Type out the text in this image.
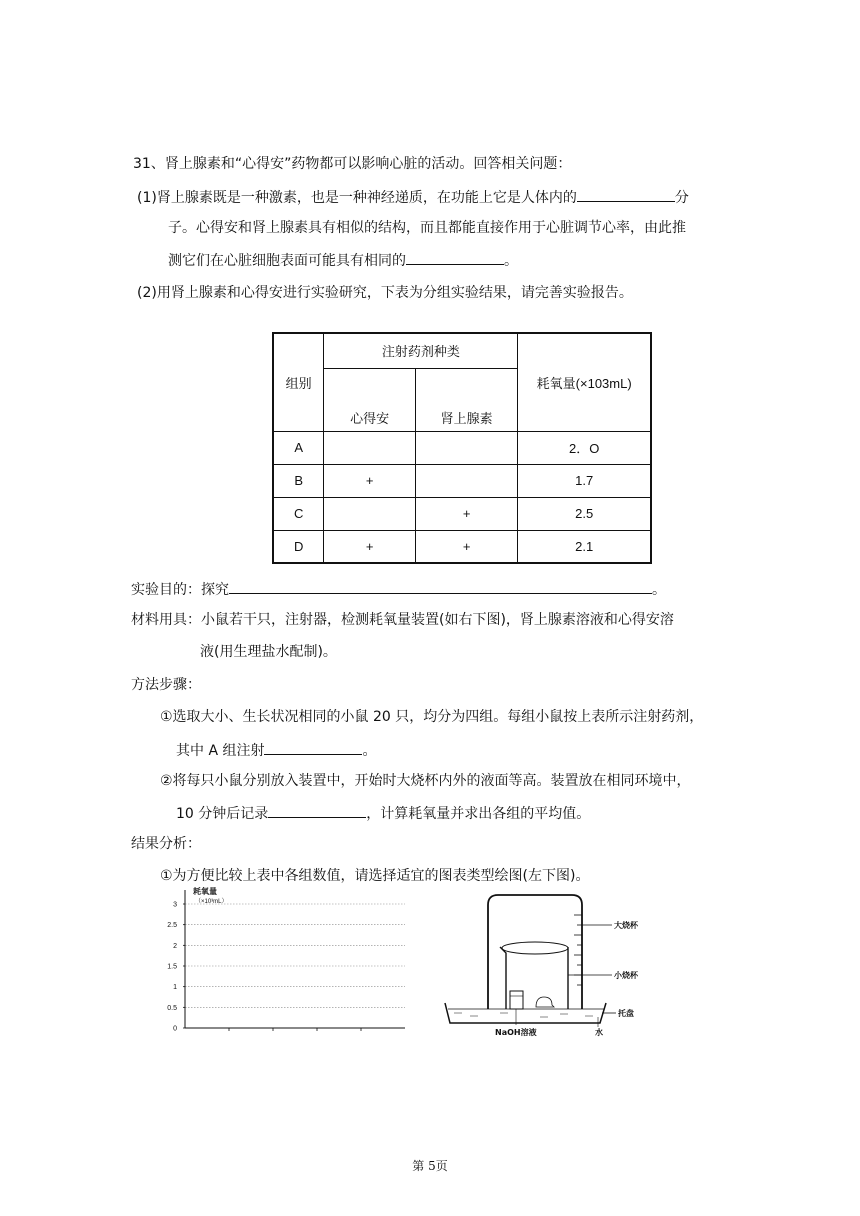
31、肾上腺素和“心得安”药物都可以影响心脏的活动。回答相关问题：
(1)肾上腺素既是一种激素，也是一种神经递质，在功能上它是人体内的	分
子。心得安和肾上腺素具有相似的结构，而且都能直接作用于心脏调节心率，由此推
测它们在心脏细胞表面可能具有相同的	。
(2)用肾上腺素和心得安进行实验研究，下表为分组实验结果，请完善实验报告。
组别	注射药剂种类		耗氧量(×103mL)
	心得安	肾上腺素	
A			2．O
B	+		1.7
C		+	2.5
D	+	+	2.1
实验目的：探究	。
材料用具：小鼠若干只，注射器，检测耗氧量装置(如右下图)，肾上腺素溶液和心得安溶
液(用生理盐水配制)。
方法步骤：
①选取大小、生长状况相同的小鼠 20 只，均分为四组。每组小鼠按上表所示注射药剂，
其中 A 组注射	。
②将每只小鼠分别放入装置中，开始时大烧杯内外的液面等高。装置放在相同环境中，
10 分钟后记录	，计算耗氧量并求出各组的平均值。
结果分析：
①为方便比较上表中各组数值，请选择适宜的图表类型绘图(左下图)。
耗氧量
（×10³mL）
0
0.5
1
1.5
2
2.5
3
大烧杯
小烧杯
托盘
NaOH溶液	水
第 5页
